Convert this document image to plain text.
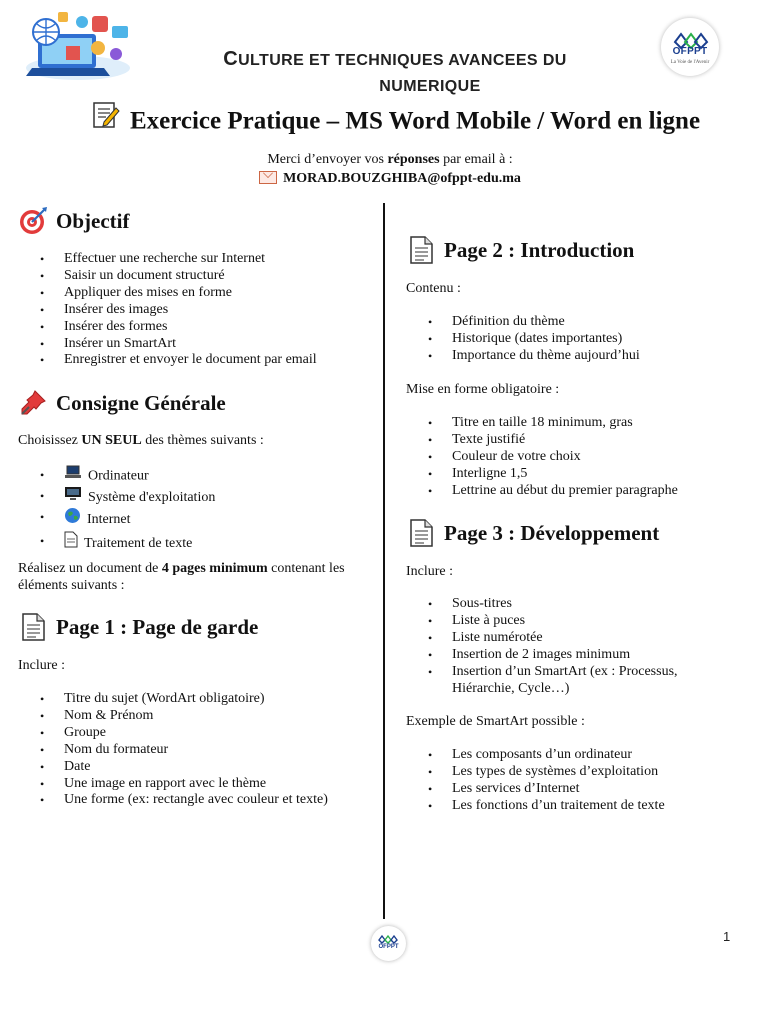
OFPPT
La Voie de l'Avenir
CULTURE ET TECHNIQUES AVANCEES DU
NUMERIQUE
Exercice Pratique – MS Word Mobile / Word en ligne
Merci d’envoyer vos réponses par email à :
MORAD.BOUZGHIBA@ofppt-edu.ma
Objectif
• Effectuer une recherche sur Internet
• Saisir un document structuré
• Appliquer des mises en forme
• Insérer des images
• Insérer des formes
• Insérer un SmartArt
• Enregistrer et envoyer le document par email
Consigne Générale
Choisissez UN SEUL des thèmes suivants :
• Ordinateur
• Système d'exploitation
• Internet
• Traitement de texte
Réalisez un document de 4 pages minimum contenant les éléments suivants :
Page 1 : Page de garde
Inclure :
• Titre du sujet (WordArt obligatoire)
• Nom & Prénom
• Groupe
• Nom du formateur
• Date
• Une image en rapport avec le thème
• Une forme (ex: rectangle avec couleur et texte)
Page 2 : Introduction
Contenu :
• Définition du thème
• Historique (dates importantes)
• Importance du thème aujourd’hui
Mise en forme obligatoire :
• Titre en taille 18 minimum, gras
• Texte justifié
• Couleur de votre choix
• Interligne 1,5
• Lettrine au début du premier paragraphe
Page 3 : Développement
Inclure :
• Sous-titres
• Liste à puces
• Liste numérotée
• Insertion de 2 images minimum
• Insertion d’un SmartArt (ex : Processus, Hiérarchie, Cycle…)
Exemple de SmartArt possible :
• Les composants d’un ordinateur
• Les types de systèmes d’exploitation
• Les services d’Internet
• Les fonctions d’un traitement de texte
OFPPT
1
